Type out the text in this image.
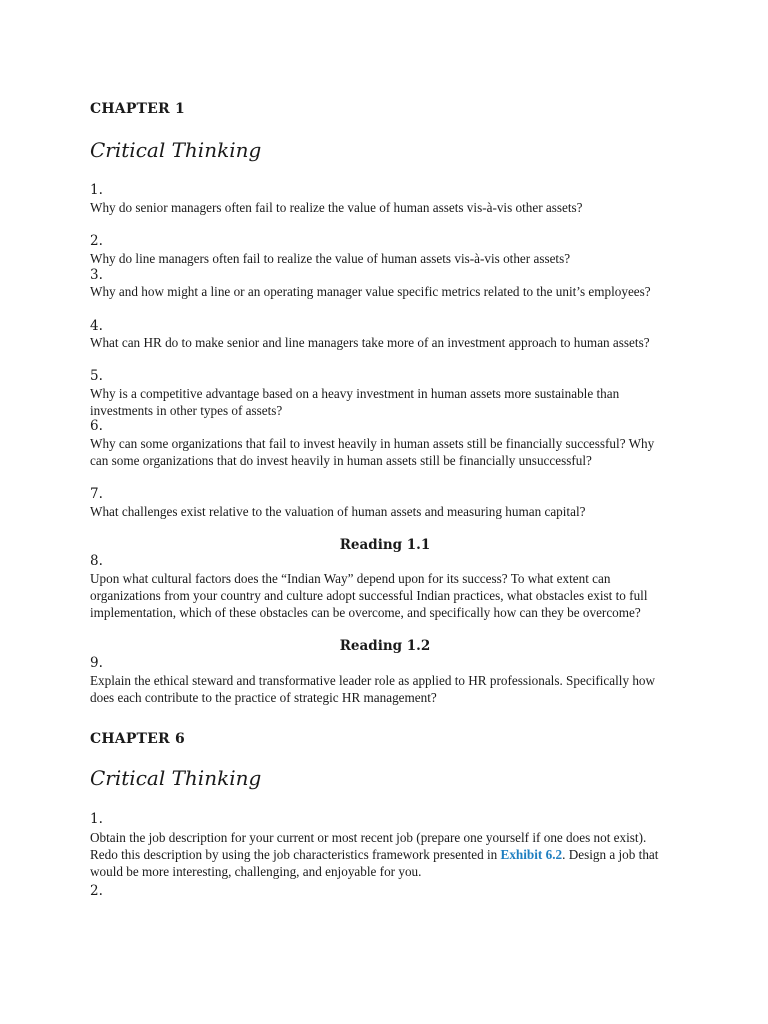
CHAPTER 1
Critical Thinking
1.
Why do senior managers often fail to realize the value of human assets vis-à-vis other assets?
2.
Why do line managers often fail to realize the value of human assets vis-à-vis other assets?
3.
Why and how might a line or an operating manager value specific metrics related to the unit’s employees?
4.
What can HR do to make senior and line managers take more of an investment approach to human assets?
5.
Why is a competitive advantage based on a heavy investment in human assets more sustainable than investments in other types of assets?
6.
Why can some organizations that fail to invest heavily in human assets still be financially successful? Why can some organizations that do invest heavily in human assets still be financially unsuccessful?
7.
What challenges exist relative to the valuation of human assets and measuring human capital?
Reading 1.1
8.
Upon what cultural factors does the “Indian Way” depend upon for its success? To what extent can organizations from your country and culture adopt successful Indian practices, what obstacles exist to full implementation, which of these obstacles can be overcome, and specifically how can they be overcome?
Reading 1.2
9.
Explain the ethical steward and transformative leader role as applied to HR professionals. Specifically how does each contribute to the practice of strategic HR management?
CHAPTER 6
Critical Thinking
1.
Obtain the job description for your current or most recent job (prepare one yourself if one does not exist). Redo this description by using the job characteristics framework presented in Exhibit 6.2. Design a job that would be more interesting, challenging, and enjoyable for you.
2.
